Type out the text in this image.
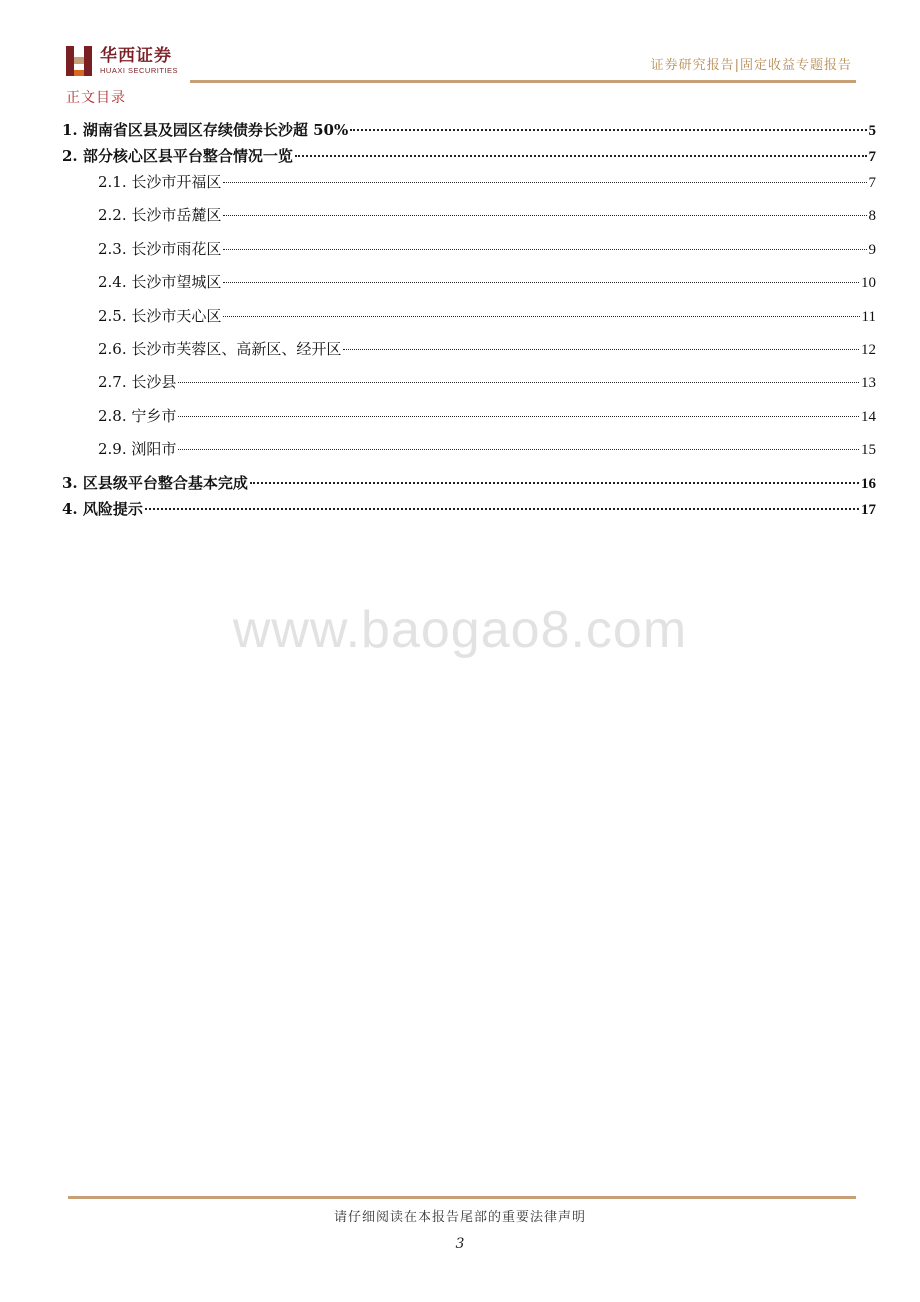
华西证券
HUAXI SECURITIES	证券研究报告|固定收益专题报告
正文目录
1. 湖南省区县及园区存续债券长沙超 50%	5
2. 部分核心区县平台整合情况一览	7
2.1. 长沙市开福区	7
2.2. 长沙市岳麓区	8
2.3. 长沙市雨花区	9
2.4. 长沙市望城区	10
2.5. 长沙市天心区	11
2.6. 长沙市芙蓉区、高新区、经开区	12
2.7. 长沙县	13
2.8. 宁乡市	14
2.9. 浏阳市	15
3. 区县级平台整合基本完成	16
4. 风险提示	17
www.baogao8.com
请仔细阅读在本报告尾部的重要法律声明
3
